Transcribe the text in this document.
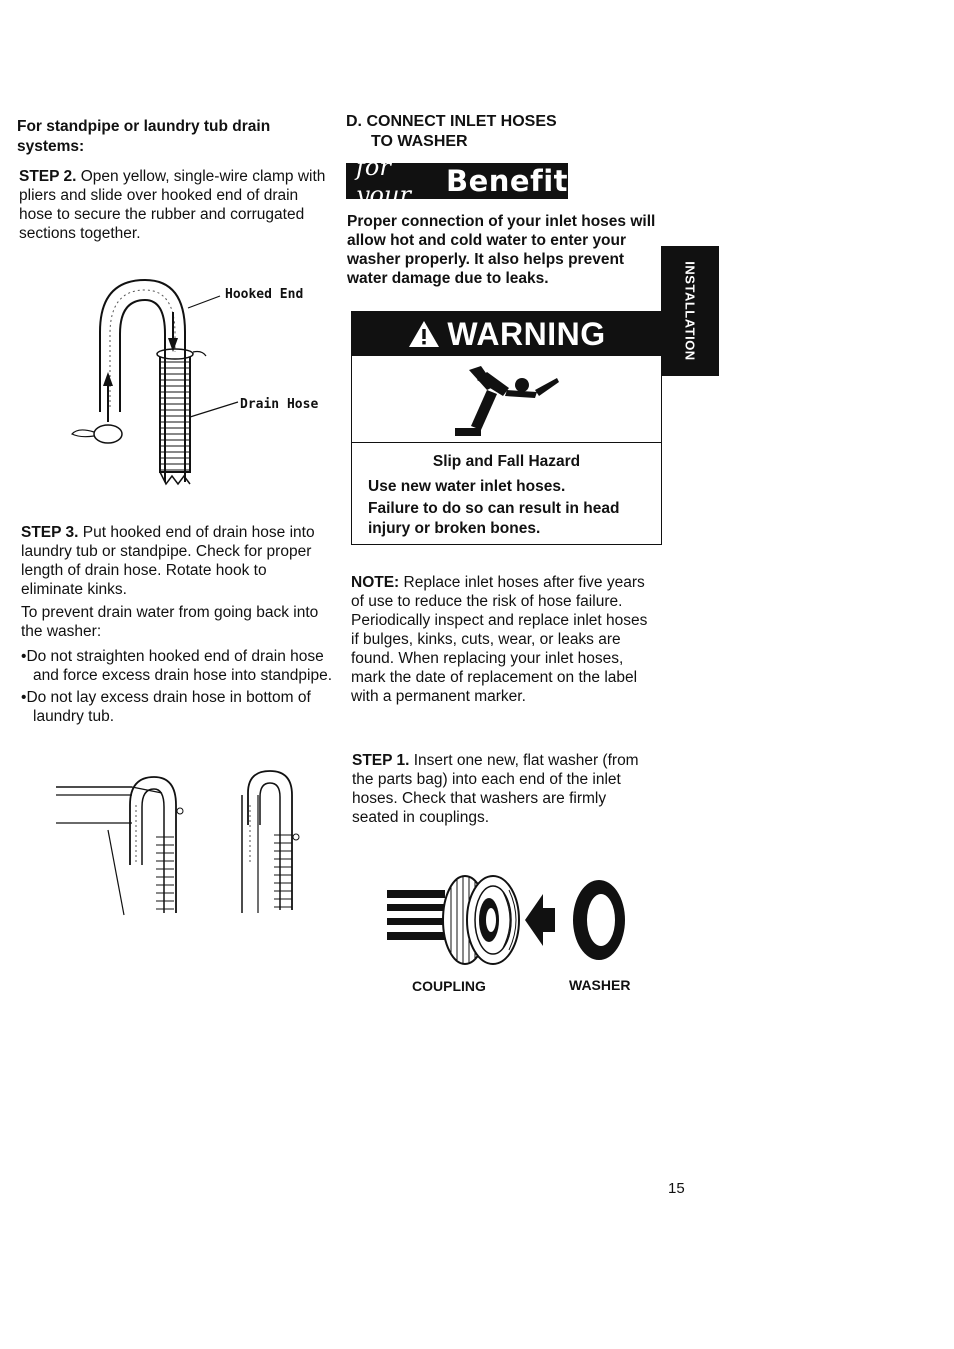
For standpipe or laundry tub drain systems:

STEP 2. Open yellow, single-wire clamp with pliers and slide over hooked end of drain hose to secure the rubber and corrugated sections together.

Hooked End
Drain Hose

STEP 3. Put hooked end of drain hose into laundry tub or standpipe. Check for proper length of drain hose. Rotate hook to eliminate kinks.

To prevent drain water from going back into the washer:

• Do not straighten hooked end of drain hose and force excess drain hose into standpipe.
• Do not lay excess drain hose in bottom of laundry tub.
D. CONNECT INLET HOSES
TO WASHER
for your	Benefit

Proper connection of your inlet hoses will allow hot and cold water to enter your washer properly. It also helps prevent water damage due to leaks.	INSTALLATION
WARNING
Slip and Fall Hazard
Use new water inlet hoses.
Failure to do so can result in head injury or broken bones.

NOTE: Replace inlet hoses after five years of use to reduce the risk of hose failure. Periodically inspect and replace inlet hoses if bulges, kinks, cuts, wear, or leaks are found. When replacing your inlet hoses, mark the date of replacement on the label with a permanent marker.

STEP 1. Insert one new, flat washer (from the parts bag) into each end of the inlet hoses. Check that washers are firmly seated in couplings.

COUPLING	WASHER
15
